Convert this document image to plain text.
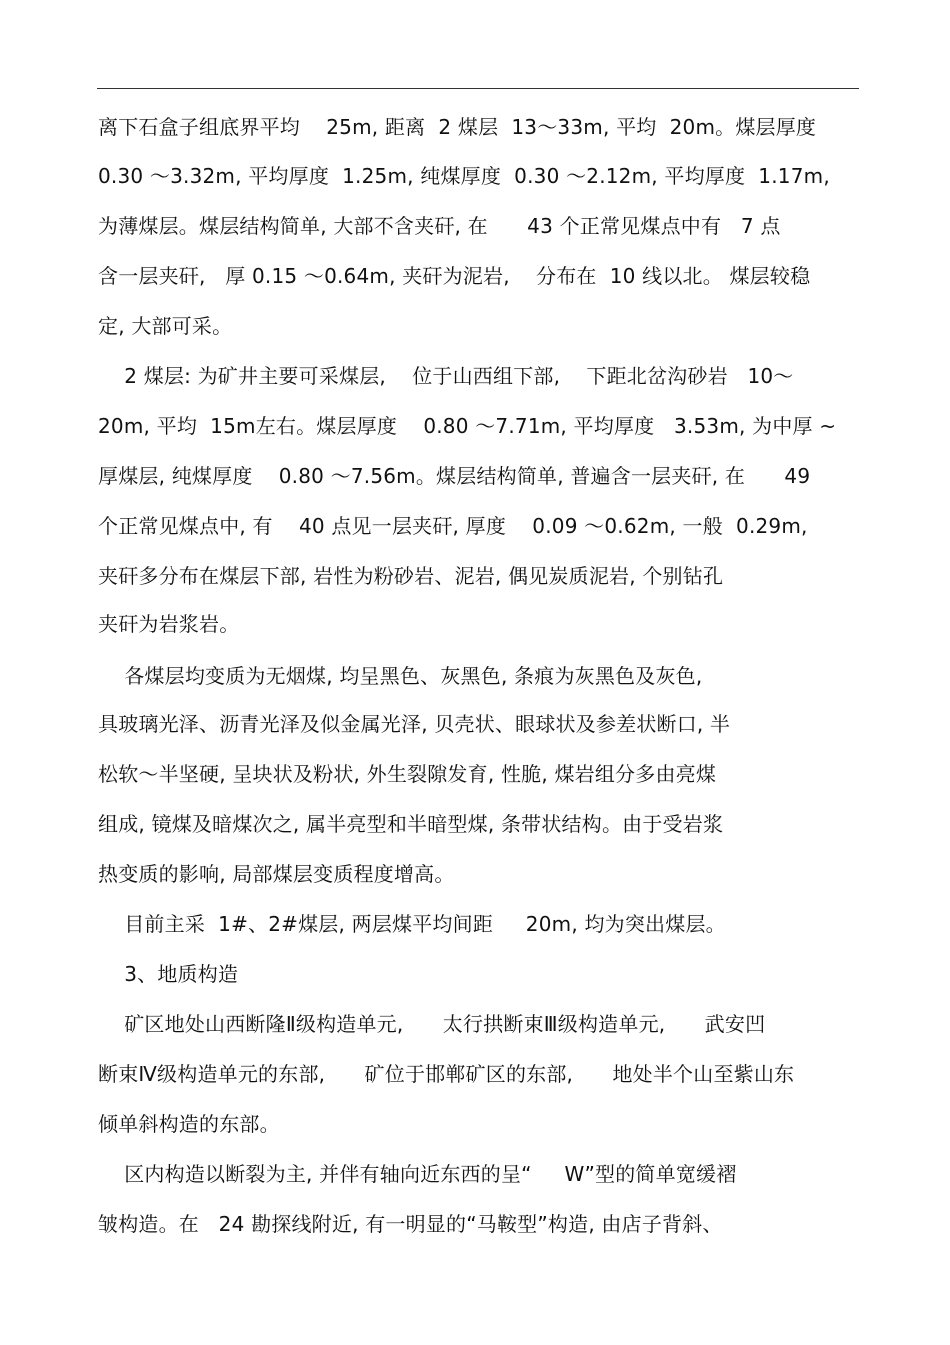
离下石盒子组底界平均    25m, 距离  2 煤层  13～33m, 平均  20m。煤层厚度
0.30 ～3.32m, 平均厚度  1.25m, 纯煤厚度  0.30 ～2.12m, 平均厚度  1.17m,
为薄煤层。煤层结构简单, 大部不含夹矸, 在      43 个正常见煤点中有   7 点
含一层夹矸,   厚 0.15 ～0.64m, 夹矸为泥岩,    分布在  10 线以北。 煤层较稳
定, 大部可采。
2 煤层: 为矿井主要可采煤层,    位于山西组下部,    下距北岔沟砂岩   10～
20m, 平均  15m左右。煤层厚度    0.80 ～7.71m, 平均厚度   3.53m, 为中厚 ~
厚煤层, 纯煤厚度    0.80 ～7.56m。煤层结构简单, 普遍含一层夹矸, 在      49
个正常见煤点中, 有    40 点见一层夹矸, 厚度    0.09 ～0.62m, 一般  0.29m,
夹矸多分布在煤层下部, 岩性为粉砂岩、泥岩, 偶见炭质泥岩, 个别钻孔
夹矸为岩浆岩。
各煤层均变质为无烟煤, 均呈黑色、灰黑色, 条痕为灰黑色及灰色,
具玻璃光泽、沥青光泽及似金属光泽, 贝壳状、眼球状及参差状断口, 半
松软～半坚硬, 呈块状及粉状, 外生裂隙发育, 性脆, 煤岩组分多由亮煤
组成, 镜煤及暗煤次之, 属半亮型和半暗型煤, 条带状结构。由于受岩浆
热变质的影响, 局部煤层变质程度增高。
目前主采  1#、2#煤层, 两层煤平均间距     20m, 均为突出煤层。
3、地质构造
矿区地处山西断隆Ⅱ级构造单元,      太行拱断束Ⅲ级构造单元,      武安凹
断束Ⅳ级构造单元的东部,      矿位于邯郸矿区的东部,      地处半个山至紫山东
倾单斜构造的东部。
区内构造以断裂为主, 并伴有轴向近东西的呈“     W”型的简单宽缓褶
皱构造。在   24 勘探线附近, 有一明显的“马鞍型”构造, 由店子背斜、
